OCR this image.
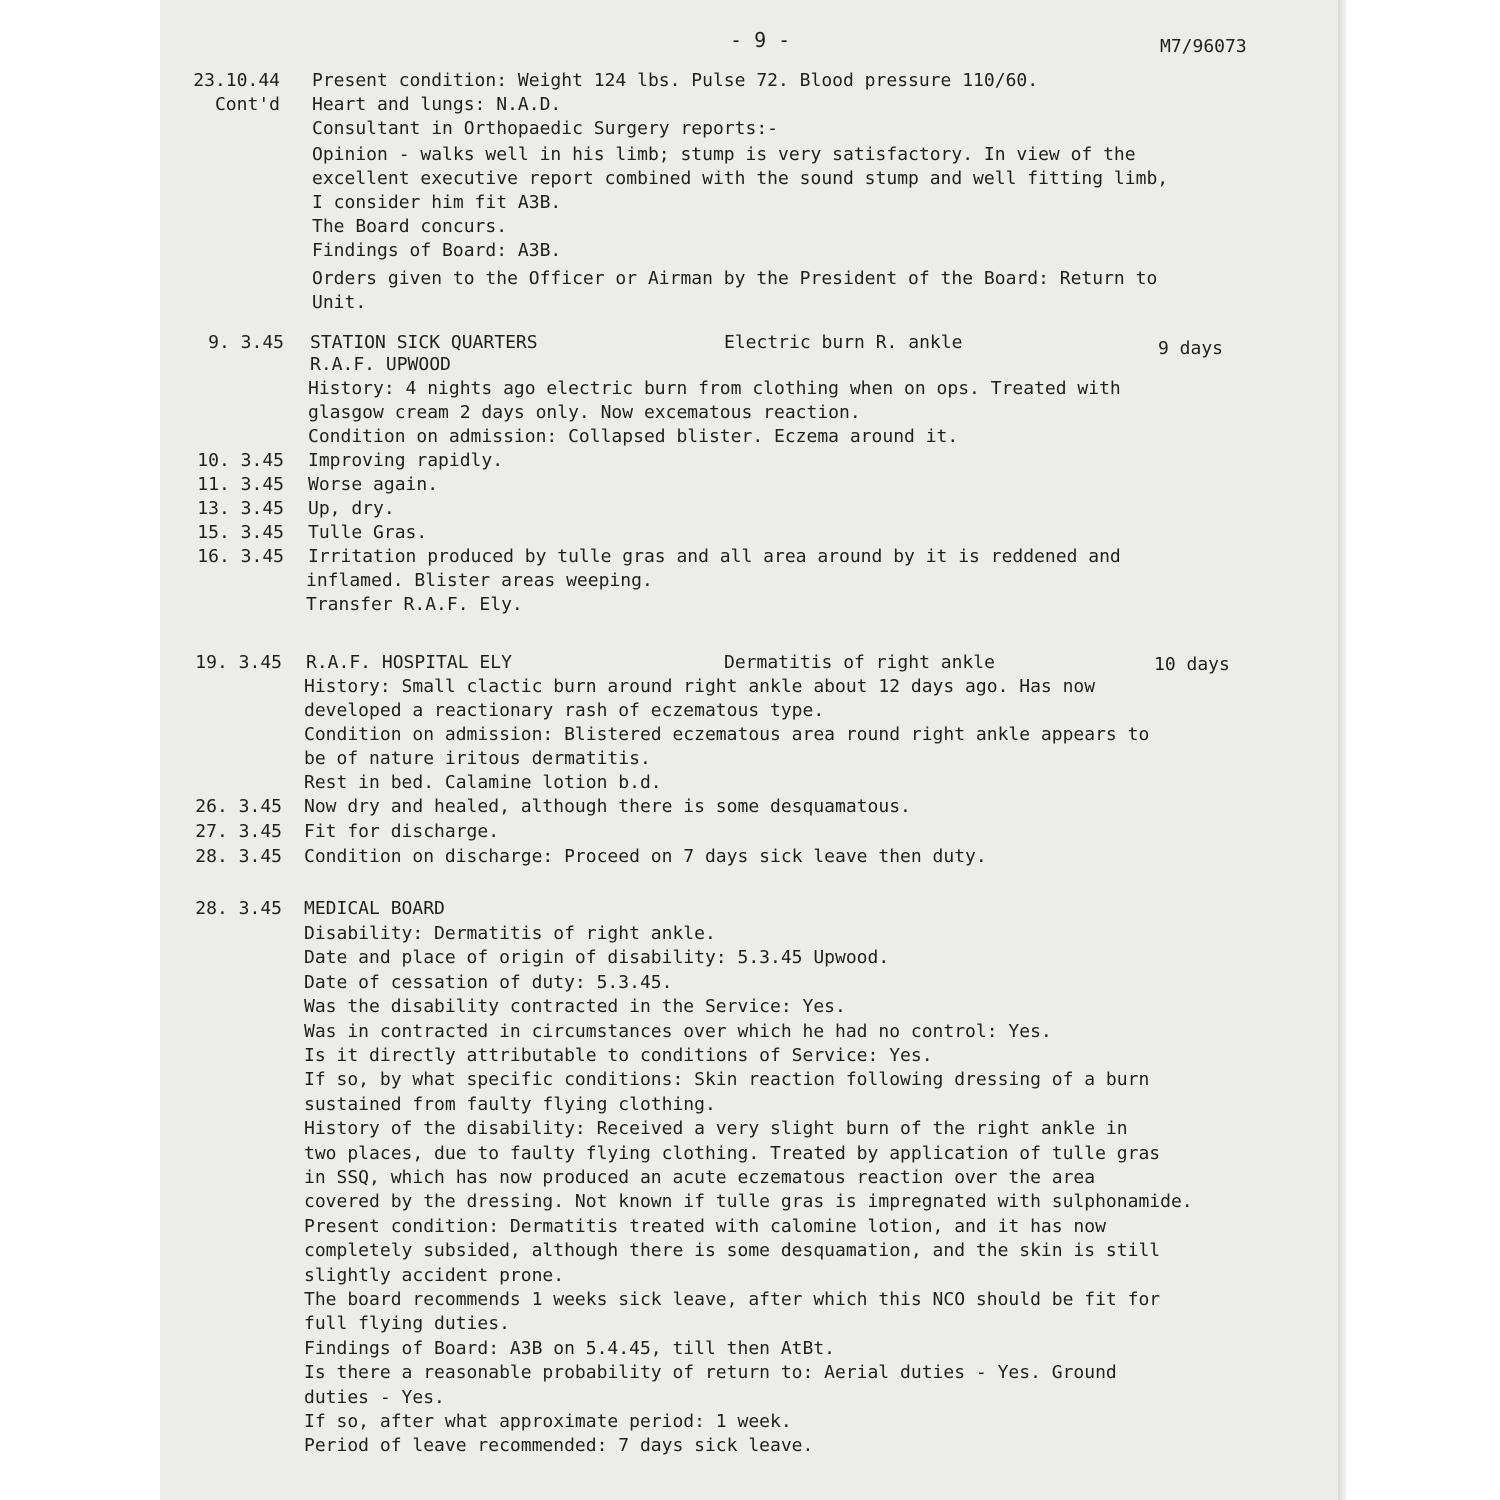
- 9 -	M7/96073
23.10.44
Cont'd
Present condition: Weight 124 lbs. Pulse 72. Blood pressure 110/60.
Heart and lungs: N.A.D.
Consultant in Orthopaedic Surgery reports:-
Opinion - walks well in his limb; stump is very satisfactory. In view of the
excellent executive report combined with the sound stump and well fitting limb,
I consider him fit A3B.
The Board concurs.
Findings of Board: A3B.
Orders given to the Officer or Airman by the President of the Board: Return to
Unit.
9. 3.45 STATION SICK QUARTERS	Electric burn R. ankle	9 days
R.A.F. UPWOOD
History: 4 nights ago electric burn from clothing when on ops. Treated with
glasgow cream 2 days only. Now excematous reaction.
Condition on admission: Collapsed blister. Eczema around it.
10. 3.45 Improving rapidly.
11. 3.45 Worse again.
13. 3.45 Up, dry.
15. 3.45 Tulle Gras.
16. 3.45 Irritation produced by tulle gras and all area around by it is reddened and
inflamed. Blister areas weeping.
Transfer R.A.F. Ely.
19. 3.45 R.A.F. HOSPITAL ELY	Dermatitis of right ankle	10 days
History: Small clactic burn around right ankle about 12 days ago. Has now
developed a reactionary rash of eczematous type.
Condition on admission: Blistered eczematous area round right ankle appears to
be of nature iritous dermatitis.
Rest in bed. Calamine lotion b.d.
26. 3.45 Now dry and healed, although there is some desquamatous.
27. 3.45 Fit for discharge.
28. 3.45 Condition on discharge: Proceed on 7 days sick leave then duty.
28. 3.45 MEDICAL BOARD
Disability: Dermatitis of right ankle.
Date and place of origin of disability: 5.3.45 Upwood.
Date of cessation of duty: 5.3.45.
Was the disability contracted in the Service: Yes.
Was in contracted in circumstances over which he had no control: Yes.
Is it directly attributable to conditions of Service: Yes.
If so, by what specific conditions: Skin reaction following dressing of a burn
sustained from faulty flying clothing.
History of the disability: Received a very slight burn of the right ankle in
two places, due to faulty flying clothing. Treated by application of tulle gras
in SSQ, which has now produced an acute eczematous reaction over the area
covered by the dressing. Not known if tulle gras is impregnated with sulphonamide.
Present condition: Dermatitis treated with calomine lotion, and it has now
completely subsided, although there is some desquamation, and the skin is still
slightly accident prone.
The board recommends 1 weeks sick leave, after which this NCO should be fit for
full flying duties.
Findings of Board: A3B on 5.4.45, till then AtBt.
Is there a reasonable probability of return to: Aerial duties - Yes. Ground
duties - Yes.
If so, after what approximate period: 1 week.
Period of leave recommended: 7 days sick leave.
